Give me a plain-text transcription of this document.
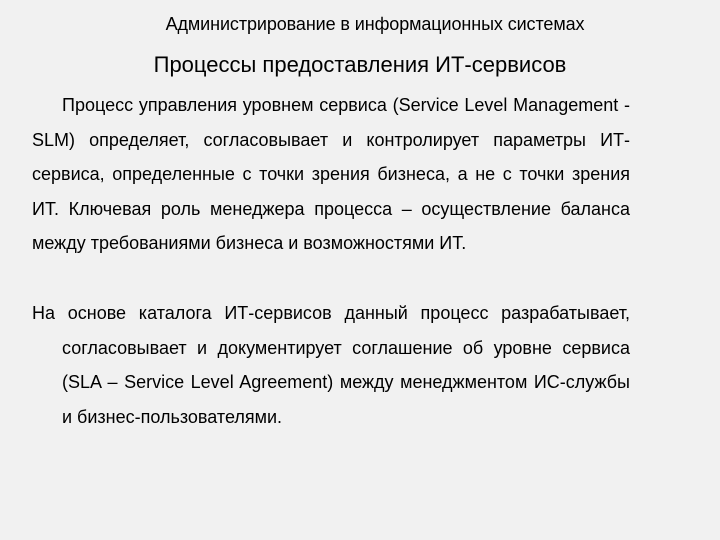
Администрирование в информационных системах
Процессы предоставления ИТ-сервисов

Процесс управления уровнем сервиса (Service Level Management - SLM) определяет, согласовывает и контролирует параметры ИТ-сервиса, определенные с точки зрения бизнеса, а не с точки зрения ИТ. Ключевая роль менеджера процесса – осуществление баланса между требованиями бизнеса и возможностями ИТ.

На основе каталога ИТ-сервисов данный процесс разрабатывает, согласовывает и документирует соглашение об уровне сервиса (SLA – Service Level Agreement) между менеджментом ИС-службы и бизнес-пользователями.
